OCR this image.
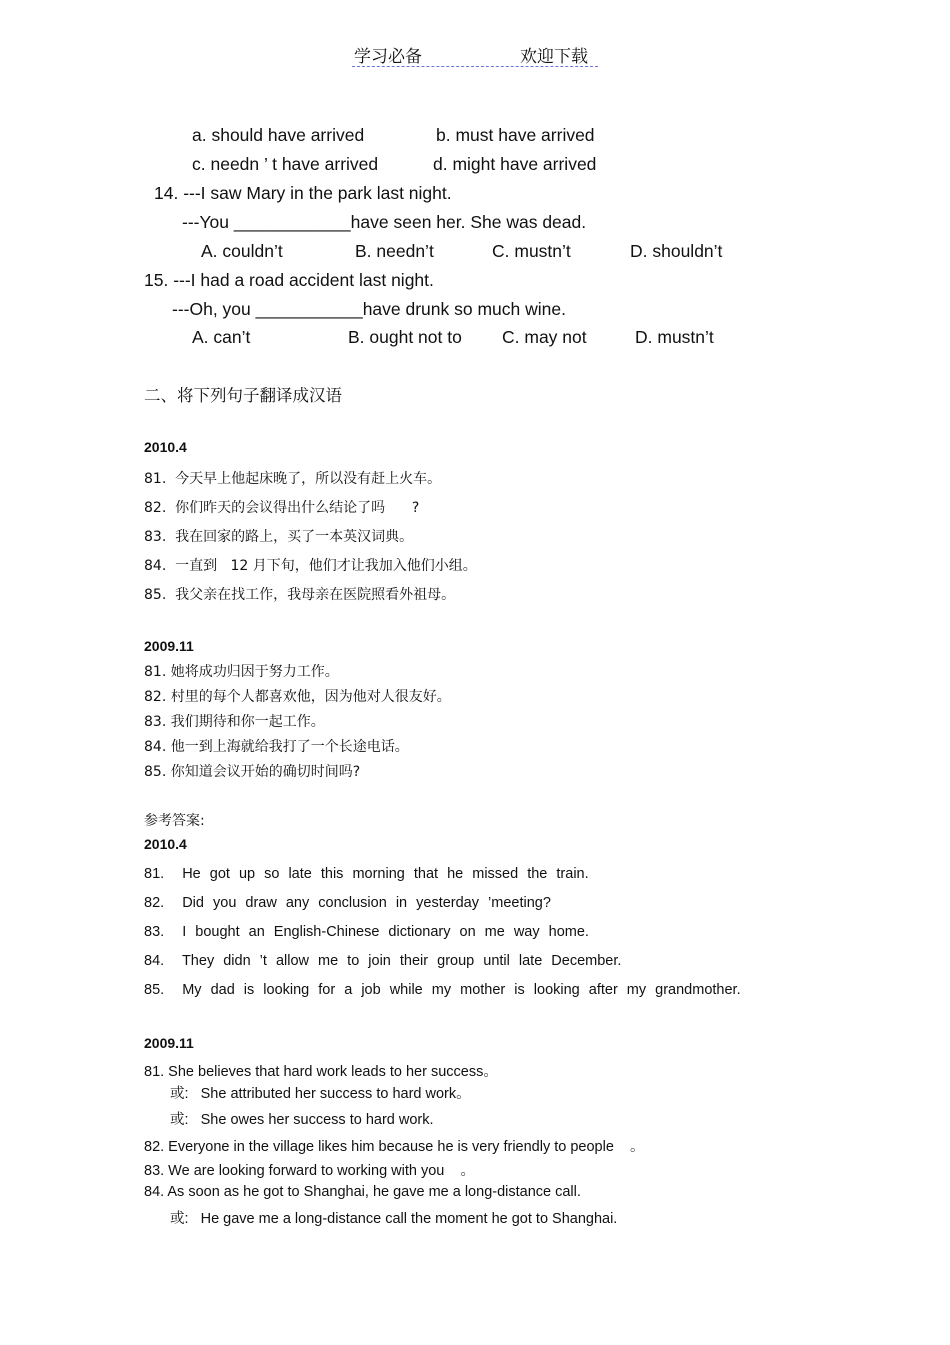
学习必备	欢迎下载
a. should have arrived	b. must have arrived
c. needn ’ t have arrived	d. might have arrived
14. ---I saw Mary in the park last night.
---You ____________have seen her. She was dead.
A. couldn’t	B. needn’t	C. mustn’t	D. shouldn’t
15. ---I had a road accident last night.
---Oh, you ___________have drunk so much wine.
A. can’t	B. ought not to C. may not	D. mustn’t
二、将下列句子翻译成汉语
2010.4
81.  今天早上他起床晚了，所以没有赶上火车。
82.  你们昨天的会议得出什么结论了吗      ?
83.  我在回家的路上，买了一本英汉词典。
84.  一直到   12 月下旬，他们才让我加入他们小组。
85.  我父亲在找工作，我母亲在医院照看外祖母。
2009.11
81. 她将成功归因于努力工作。
82. 村里的每个人都喜欢他，因为他对人很友好。
83. 我们期待和你一起工作。
84. 他一到上海就给我打了一个长途电话。
85. 你知道会议开始的确切时间吗?
参考答案:
2010.4
81.  He got up so late this morning that he missed the train.
82.  Did you draw any conclusion in yesterday ’meeting?
83.  I bought an English-Chinese dictionary on me way home.
84.  They didn ’t allow me to join their group until late December.
85.  My dad is looking for a job while my mother is looking after my grandmother.
2009.11
81. She believes that hard work leads to her success。
或:   She attributed her success to hard work。
或:   She owes her success to hard work.
82. Everyone in the village likes him because he is very friendly to people    。
83. We are looking forward to working with you    。
84. As soon as he got to Shanghai, he gave me a long-distance call.
或:   He gave me a long-distance call the moment he got to Shanghai.
